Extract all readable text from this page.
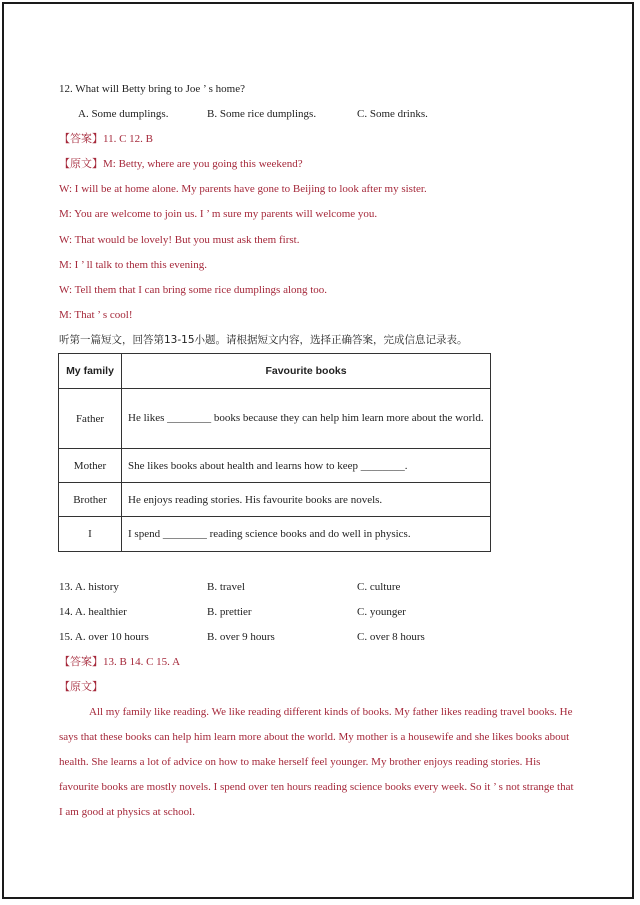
12. What will Betty bring to Joe ’ s home?
A. Some dumplings.	B. Some rice dumplings.	C. Some drinks.
【答案】11. C 12. B
【原文】M: Betty, where are you going this weekend?
W: I will be at home alone. My parents have gone to Beijing to look after my sister.
M: You are welcome to join us. I ’ m sure my parents will welcome you.
W: That would be lovely! But you must ask them first.
M: I ’ ll talk to them this evening.
W: Tell them that I can bring some rice dumplings along too.
M: That ’ s cool!
听第一篇短文，回答第13-15小题。请根据短文内容，选择正确答案，完成信息记录表。
My family	Favourite books
Father	He likes ________ books because they can help him learn more about the world.
Mother	She likes books about health and learns how to keep ________.
Brother	He enjoys reading stories. His favourite books are novels.
I	I spend ________ reading science books and do well in physics.
13. A. history	B. travel	C. culture
14. A. healthier	B. prettier	C. younger
15. A. over 10 hours	B. over 9 hours	C. over 8 hours
【答案】13. B 14. C 15. A
【原文】

All my family like reading. We like reading different kinds of books. My father likes reading travel books. He says that these books can help him learn more about the world. My mother is a housewife and she likes books about health. She learns a lot of advice on how to make herself feel younger. My brother enjoys reading stories. His favourite books are mostly novels. I spend over ten hours reading science books every week. So it ’ s not strange that I am good at physics at school.
